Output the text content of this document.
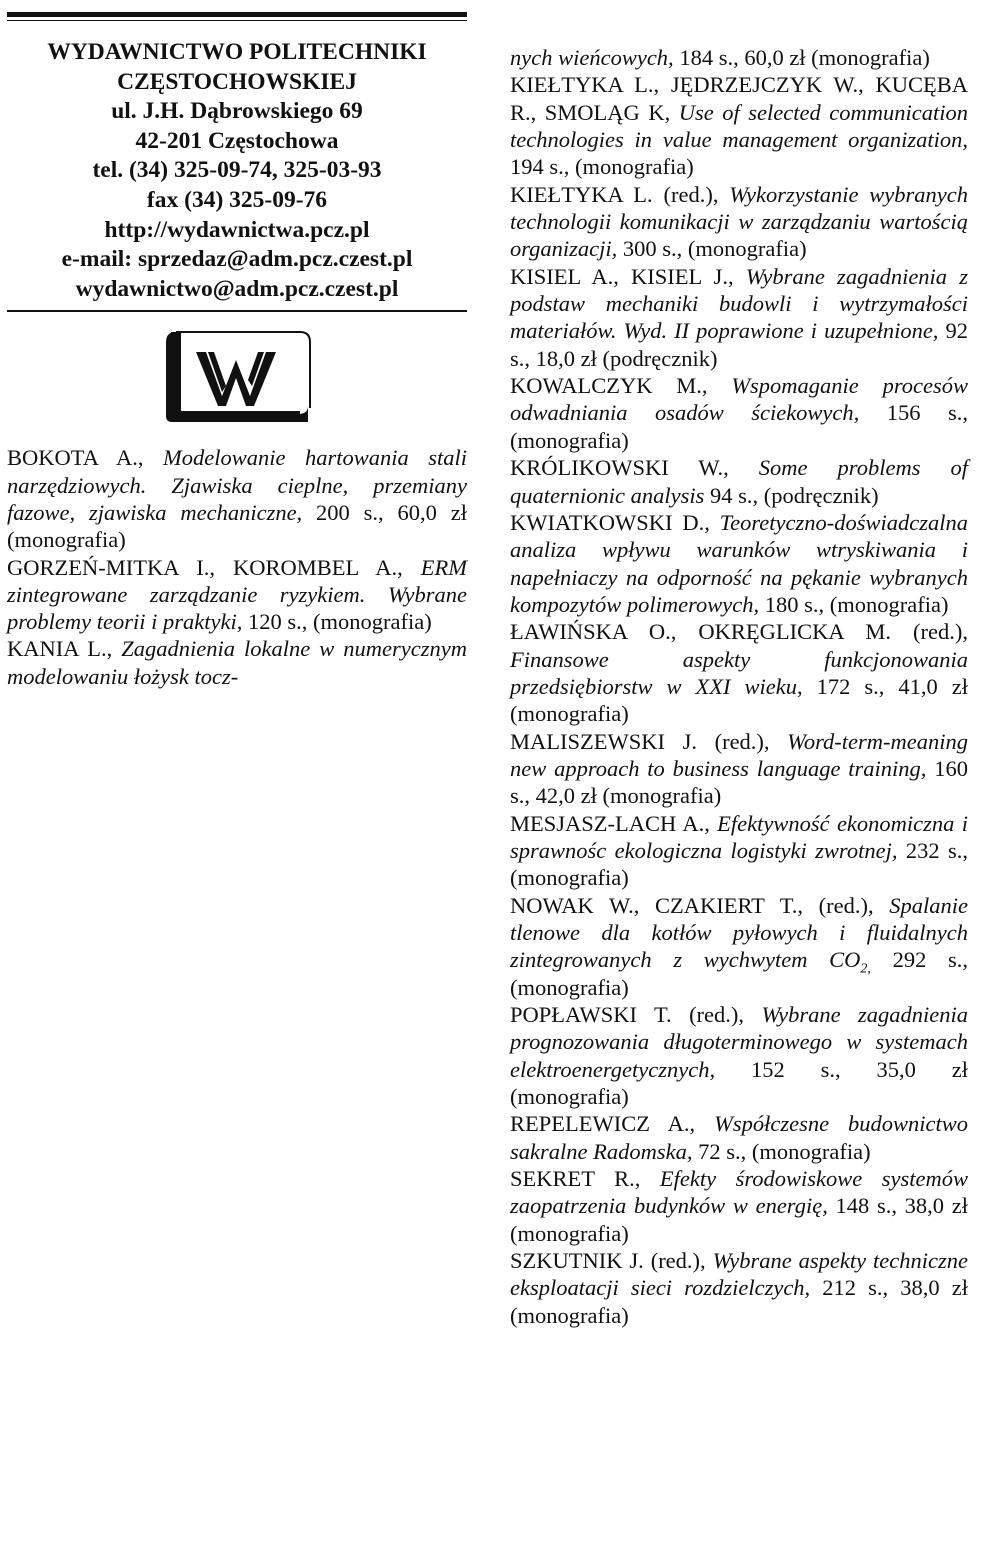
WYDAWNICTWO POLITECHNIKI
CZĘSTOCHOWSKIEJ
ul. J.H. Dąbrowskiego 69
42-201 Częstochowa
tel. (34) 325-09-74, 325-03-93
fax (34) 325-09-76
http://wydawnictwa.pcz.pl
e-mail: sprzedaz@adm.pcz.czest.pl
wydawnictwo@adm.pcz.czest.pl

BOKOTA A., Modelowanie hartowania stali narzędziowych. Zjawiska cieplne, przemiany fazowe, zjawiska mechaniczne, 200 s., 60,0 zł (monografia)

GORZEŃ-MITKA I., KOROMBEL A., ERM zintegrowane zarządzanie ryzykiem. Wybrane problemy teorii i praktyki, 120 s., (monografia)

KANIA L., Zagadnienia lokalne w numerycznym modelowaniu łożysk tocz-

nych wieńcowych, 184 s., 60,0 zł (monografia)

KIEŁTYKA L., JĘDRZEJCZYK W., KUCĘBA R., SMOLĄG K, Use of selected communication technologies in value management organization, 194 s., (monografia)

KIEŁTYKA L. (red.), Wykorzystanie wybranych technologii komunikacji w zarządzaniu wartością organizacji, 300 s., (monografia)

KISIEL A., KISIEL J., Wybrane zagadnienia z podstaw mechaniki budowli i wytrzymałości materiałów. Wyd. II poprawione i uzupełnione, 92 s., 18,0 zł (podręcznik)

KOWALCZYK M., Wspomaganie procesów odwadniania osadów ściekowych, 156 s., (monografia)

KRÓLIKOWSKI W., Some problems of quaternionic analysis 94 s., (podręcznik)

KWIATKOWSKI D., Teoretyczno-doświadczalna analiza wpływu warunków wtryskiwania i napełniaczy na odporność na pękanie wybranych kompozytów polimerowych, 180 s., (monografia)

ŁAWIŃSKA O., OKRĘGLICKA M. (red.), Finansowe aspekty funkcjonowania przedsiębiorstw w XXI wieku, 172 s., 41,0 zł (monografia)

MALISZEWSKI J. (red.), Word-term-meaning new approach to business language training, 160 s., 42,0 zł (monografia)

MESJASZ-LACH A., Efektywność ekonomiczna i sprawnośc ekologiczna logistyki zwrotnej, 232 s., (monografia)

NOWAK W., CZAKIERT T., (red.), Spalanie tlenowe dla kotłów pyłowych i fluidalnych zintegrowanych z wychwytem $CO_{2,}$ 292 s., (monografia)

POPŁAWSKI T. (red.), Wybrane zagadnienia prognozowania długoterminowego w systemach elektroenergetycznych, 152 s., 35,0 zł (monografia)

REPELEWICZ A., Współczesne budownictwo sakralne Radomska, 72 s., (monografia)

SEKRET R., Efekty środowiskowe systemów zaopatrzenia budynków w energię, 148 s., 38,0 zł (monografia)

SZKUTNIK J. (red.), Wybrane aspekty techniczne eksploatacji sieci rozdzielczych, 212 s., 38,0 zł (monografia)
